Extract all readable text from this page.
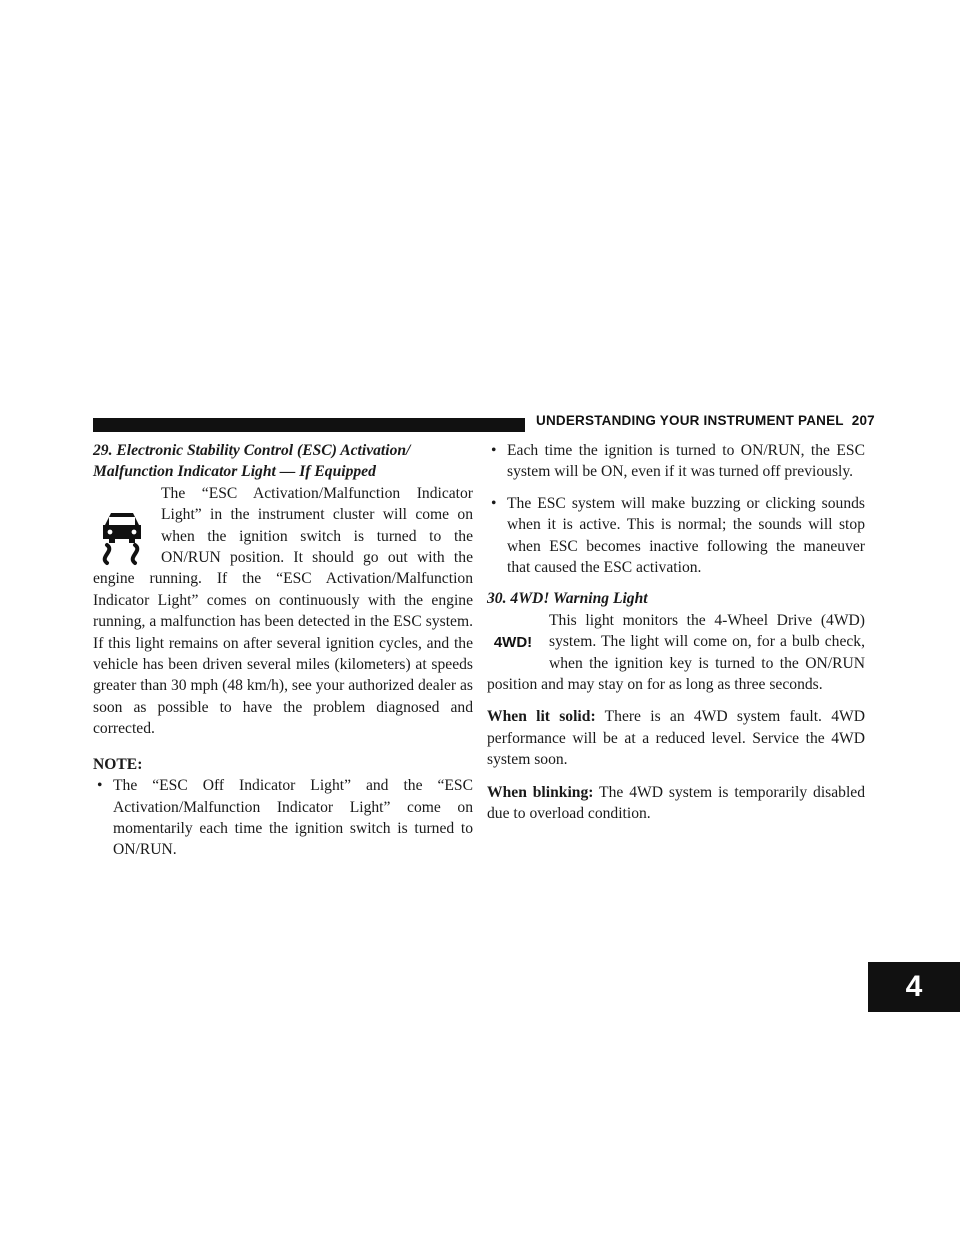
UNDERSTANDING YOUR INSTRUMENT PANEL 207
4

29. Electronic Stability Control (ESC) Activation/ Malfunction Indicator Light — If Equipped

The “ESC Activation/Malfunction Indicator Light” in the instrument cluster will come on when the ignition switch is turned to the ON/RUN position. It should go out with the engine running. If the “ESC Activation/Malfunction Indicator Light” comes on continuously with the engine running, a malfunction has been detected in the ESC system. If this light remains on after several ignition cycles, and the vehicle has been driven several miles (kilometers) at speeds greater than 30 mph (48 km/h), see your authorized dealer as soon as possible to have the problem diagnosed and corrected.

NOTE:

• The “ESC Off Indicator Light” and the “ESC Activation/Malfunction Indicator Light” come on momentarily each time the ignition switch is turned to ON/RUN.
• Each time the ignition is turned to ON/RUN, the ESC system will be ON, even if it was turned off previously.
• The ESC system will make buzzing or clicking sounds when it is active. This is normal; the sounds will stop when ESC becomes inactive following the maneuver that caused the ESC activation.

30. 4WD! Warning Light

4WD!

This light monitors the 4-Wheel Drive (4WD) system. The light will come on, for a bulb check, when the ignition key is turned to the ON/RUN position and may stay on for as long as three seconds.

When lit solid: There is an 4WD system fault. 4WD performance will be at a reduced level. Service the 4WD system soon.

When blinking: The 4WD system is temporarily disabled due to overload condition.
